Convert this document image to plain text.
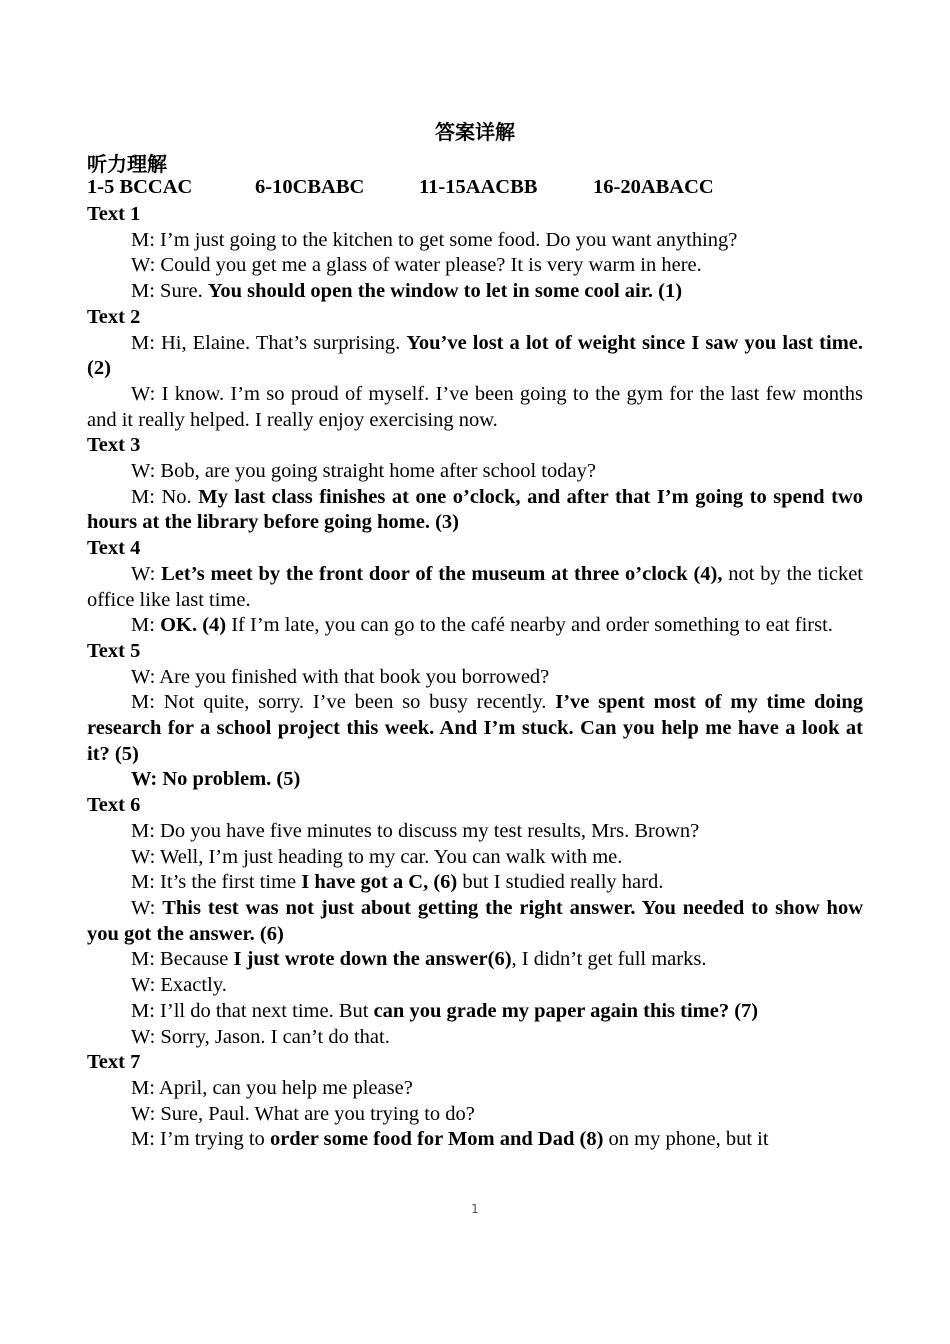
答案详解
听力理解
1-5 BCCAC	6-10CBABC	11-15AACBB	16-20ABACC

Text 1

M: I’m just going to the kitchen to get some food. Do you want anything?

W: Could you get me a glass of water please? It is very warm in here.

M: Sure. You should open the window to let in some cool air. (1)

Text 2

M: Hi, Elaine. That’s surprising. You’ve lost a lot of weight since I saw you last time. (2)

W: I know. I’m so proud of myself. I’ve been going to the gym for the last few months and it really helped. I really enjoy exercising now.

Text 3

W: Bob, are you going straight home after school today?

M: No. My last class finishes at one o’clock, and after that I’m going to spend two hours at the library before going home. (3)

Text 4

W: Let’s meet by the front door of the museum at three o’clock (4), not by the ticket office like last time.

M: OK. (4) If I’m late, you can go to the café nearby and order something to eat first.

Text 5

W: Are you finished with that book you borrowed?

M: Not quite, sorry. I’ve been so busy recently. I’ve spent most of my time doing research for a school project this week. And I’m stuck. Can you help me have a look at it? (5)

W: No problem. (5)

Text 6

M: Do you have five minutes to discuss my test results, Mrs. Brown?

W: Well, I’m just heading to my car. You can walk with me.

M: It’s the first time I have got a C, (6) but I studied really hard.

W: This test was not just about getting the right answer. You needed to show how you got the answer. (6)

M: Because I just wrote down the answer(6), I didn’t get full marks.

W: Exactly.

M: I’ll do that next time. But can you grade my paper again this time? (7)

W: Sorry, Jason. I can’t do that.

Text 7

M: April, can you help me please?

W: Sure, Paul. What are you trying to do?

M: I’m trying to order some food for Mom and Dad (8) on my phone, but it

1
